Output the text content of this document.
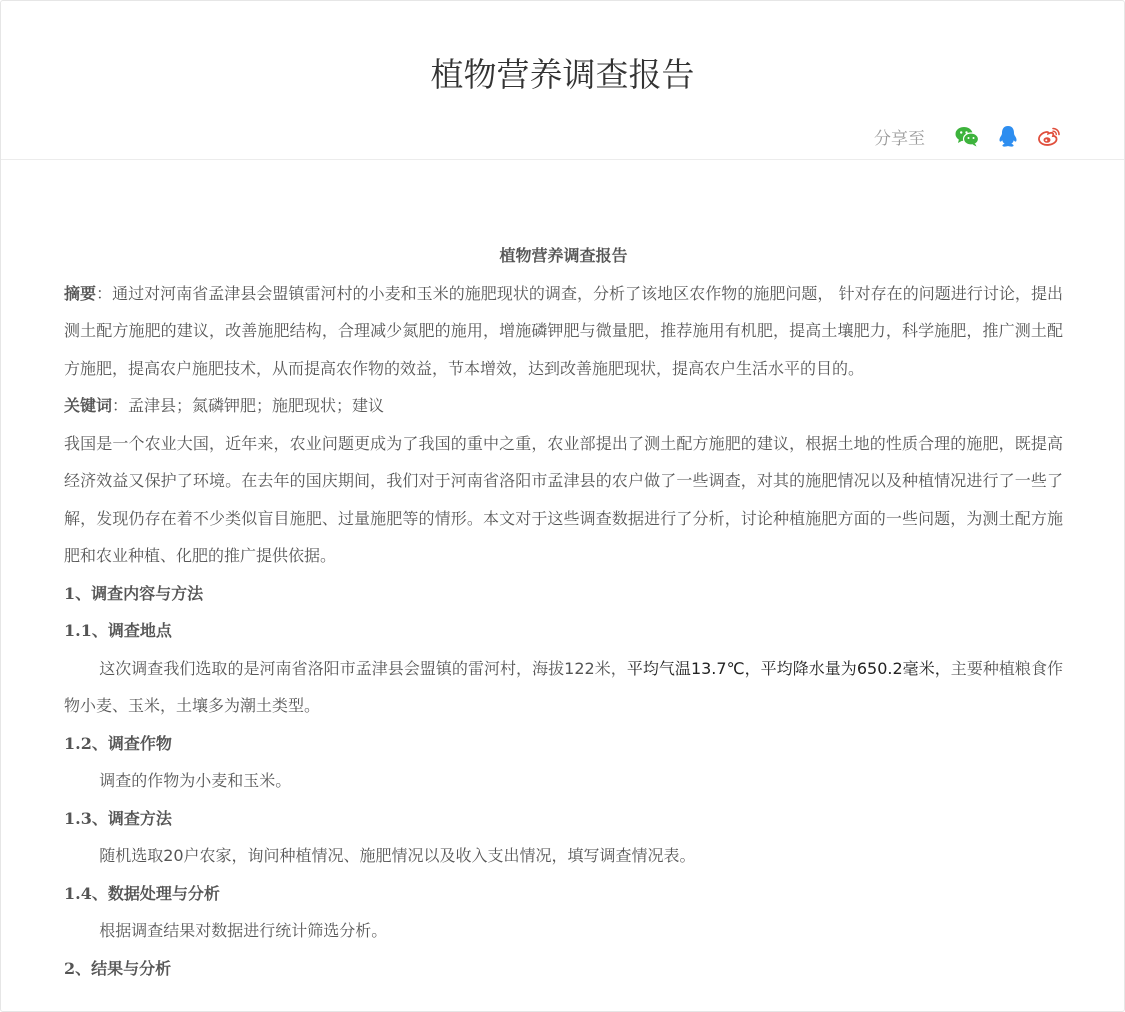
植物营养调查报告
分享至

植物营养调查报告

摘要：通过对河南省孟津县会盟镇雷河村的小麦和玉米的施肥现状的调查，分析了该地区农作物的施肥问题， 针对存在的问题进行讨论，提出测土配方施肥的建议，改善施肥结构，合理减少氮肥的施用，增施磷钾肥与微量肥，推荐施用有机肥，提高土壤肥力，科学施肥，推广测土配方施肥，提高农户施肥技术，从而提高农作物的效益，节本增效，达到改善施肥现状，提高农户生活水平的目的。

关键词：孟津县；氮磷钾肥；施肥现状；建议

我国是一个农业大国，近年来，农业问题更成为了我国的重中之重，农业部提出了测土配方施肥的建议，根据土地的性质合理的施肥，既提高经济效益又保护了环境。在去年的国庆期间，我们对于河南省洛阳市孟津县的农户做了一些调查，对其的施肥情况以及种植情况进行了一些了解，发现仍存在着不少类似盲目施肥、过量施肥等的情形。本文对于这些调查数据进行了分析，讨论种植施肥方面的一些问题，为测土配方施肥和农业种植、化肥的推广提供依据。

1、调查内容与方法

1.1、调查地点

这次调查我们选取的是河南省洛阳市孟津县会盟镇的雷河村，海拔122米，平均气温13.7℃，平均降水量为650.2毫米，主要种植粮食作物小麦、玉米，土壤多为潮土类型。

1.2、调查作物

调查的作物为小麦和玉米。

1.3、调查方法

随机选取20户农家，询问种植情况、施肥情况以及收入支出情况，填写调查情况表。

1.4、数据处理与分析

根据调查结果对数据进行统计筛选分析。

2、结果与分析
